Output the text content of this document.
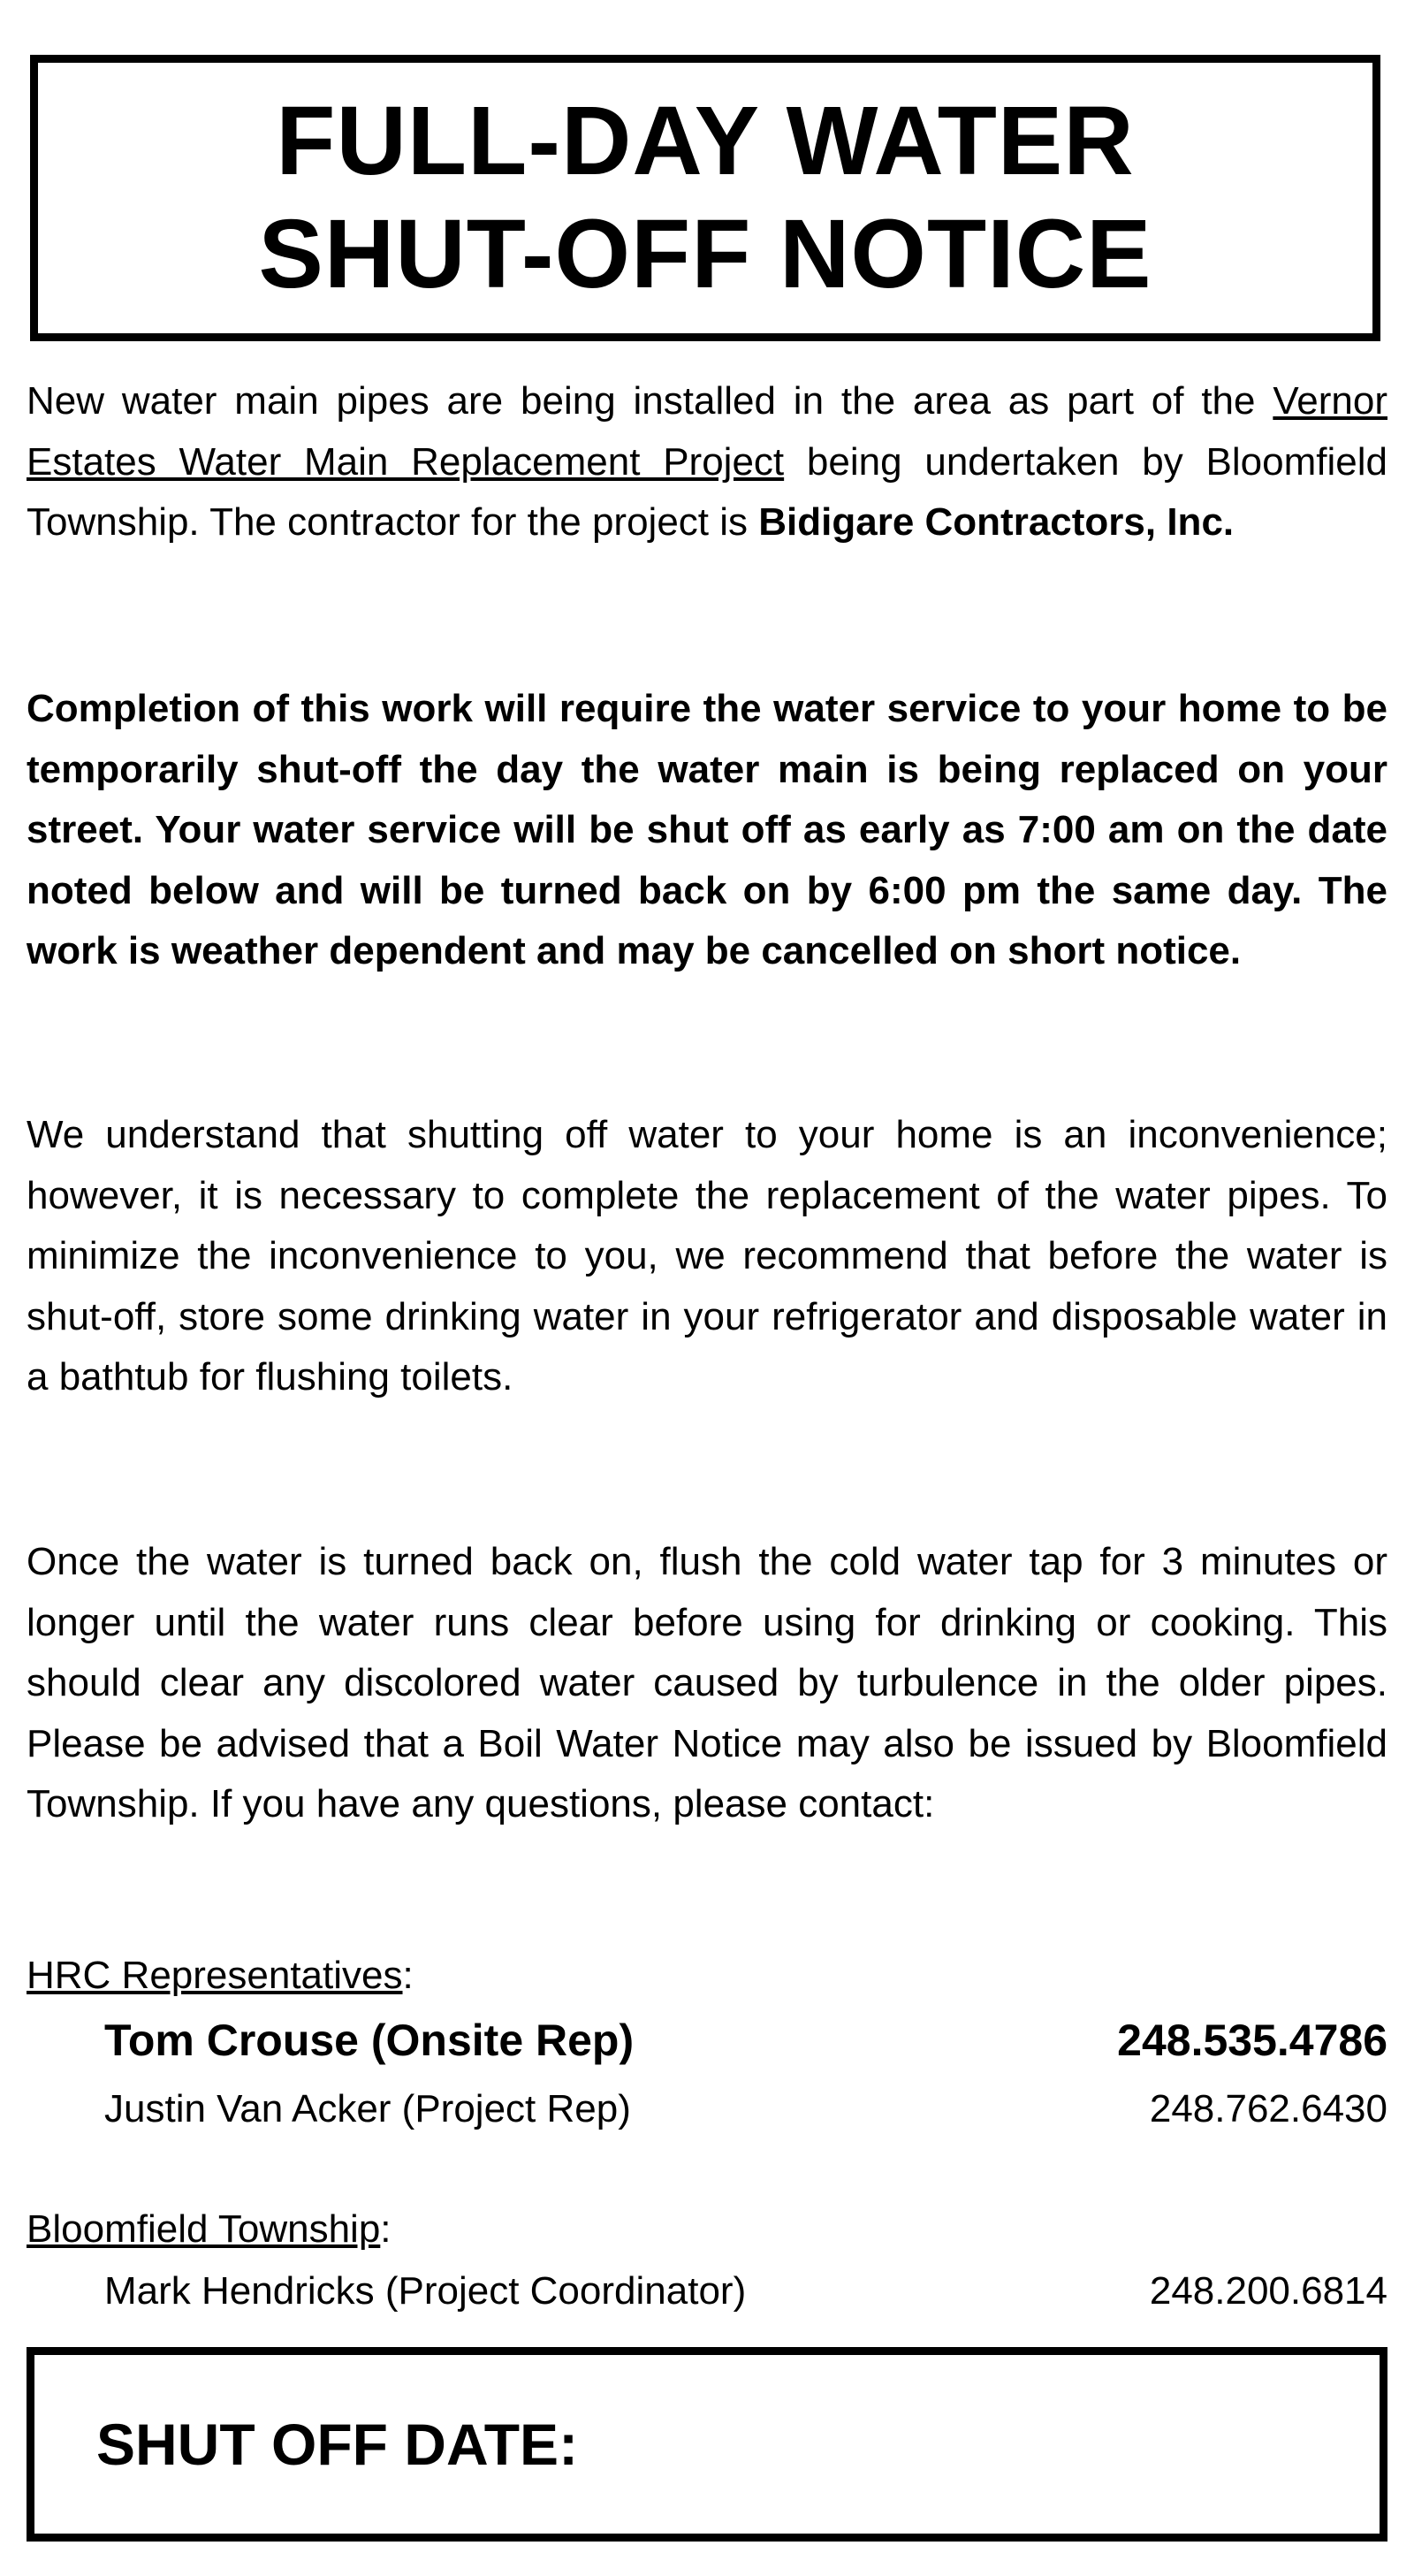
FULL-DAY WATER
SHUT-OFF NOTICE
New water main pipes are being installed in the area as part of the Vernor Estates Water Main Replacement Project being undertaken by Bloomfield Township. The contractor for the project is Bidigare Contractors, Inc.
Completion of this work will require the water service to your home to be temporarily shut-off the day the water main is being replaced on your street. Your water service will be shut off as early as 7:00 am on the date noted below and will be turned back on by 6:00 pm the same day. The work is weather dependent and may be cancelled on short notice.
We understand that shutting off water to your home is an inconvenience; however, it is necessary to complete the replacement of the water pipes. To minimize the inconvenience to you, we recommend that before the water is shut-off, store some drinking water in your refrigerator and disposable water in a bathtub for flushing toilets.
Once the water is turned back on, flush the cold water tap for 3 minutes or longer until the water runs clear before using for drinking or cooking. This should clear any discolored water caused by turbulence in the older pipes. Please be advised that a Boil Water Notice may also be issued by Bloomfield Township. If you have any questions, please contact:
HRC Representatives:
Tom Crouse (Onsite Rep)	248.535.4786
Justin Van Acker (Project Rep)	248.762.6430
Bloomfield Township:
Mark Hendricks (Project Coordinator)	248.200.6814
SHUT OFF DATE:
